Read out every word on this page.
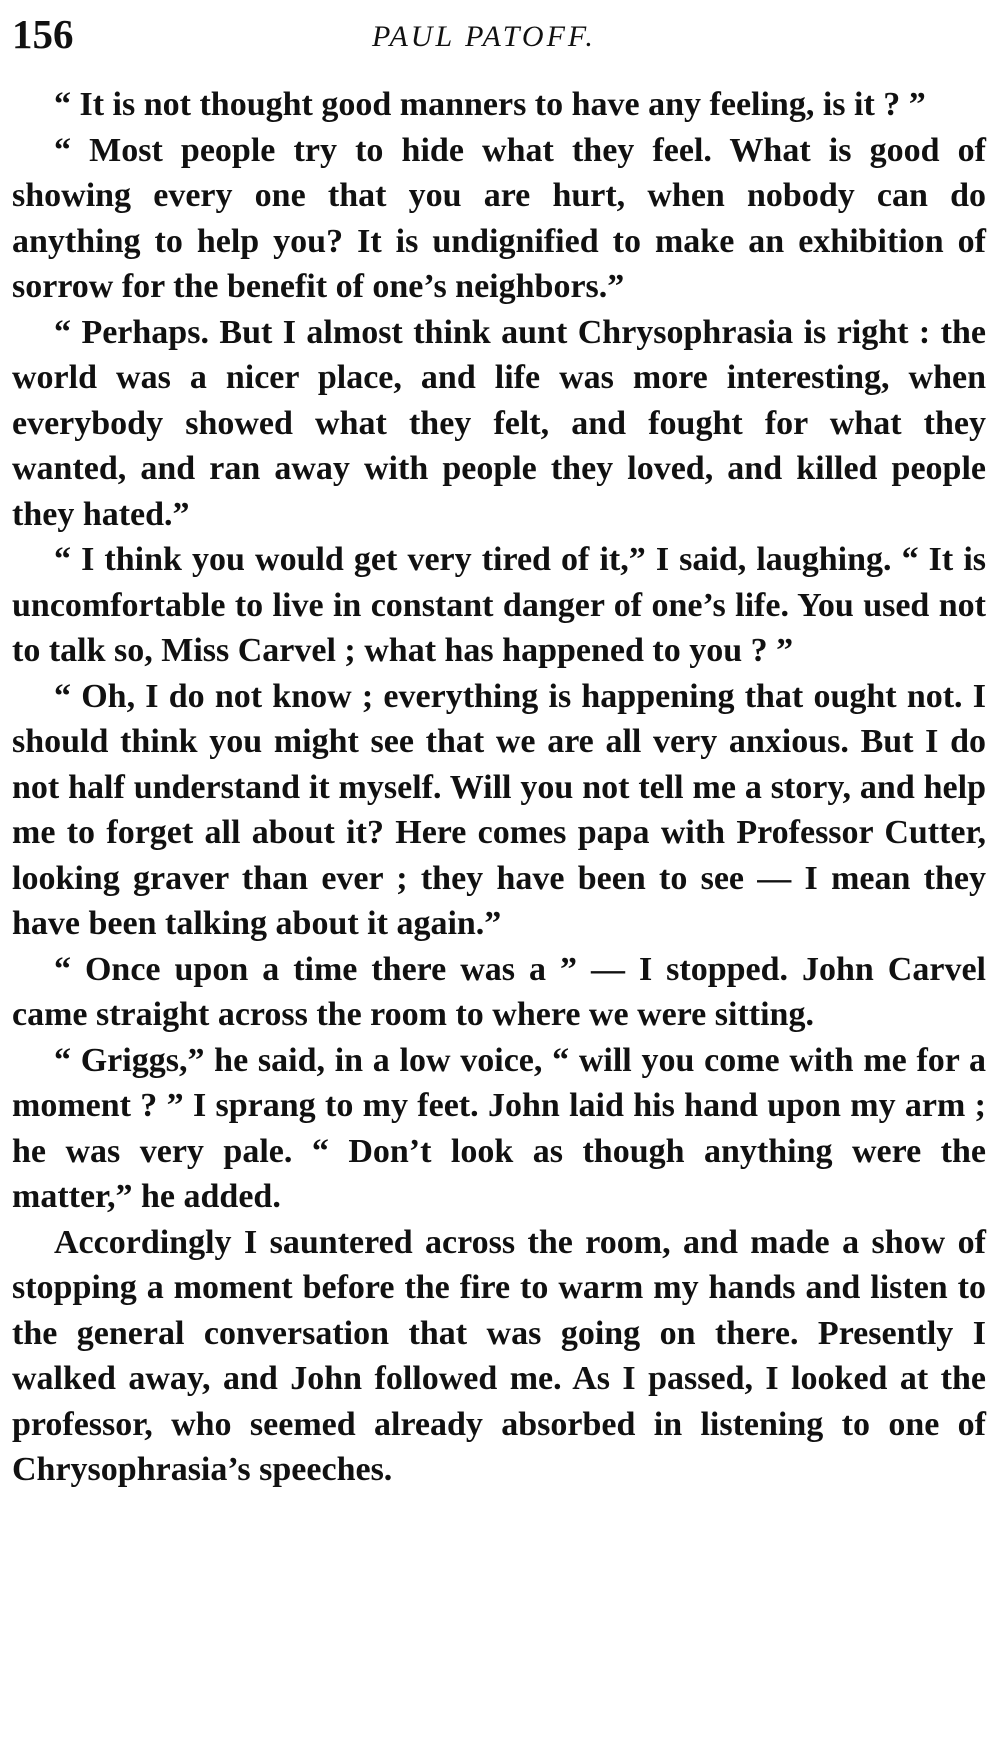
156	PAUL PATOFF.

“ It is not thought good manners to have any feeling, is it ? ”

“ Most people try to hide what they feel. What is good of showing every one that you are hurt, when nobody can do anything to help you? It is undignified to make an exhibition of sorrow for the benefit of one’s neighbors.”

“ Perhaps. But I almost think aunt Chrysophrasia is right : the world was a nicer place, and life was more interesting, when everybody showed what they felt, and fought for what they wanted, and ran away with people they loved, and killed people they hated.”

“ I think you would get very tired of it,” I said, laughing. “ It is uncomfortable to live in constant danger of one’s life. You used not to talk so, Miss Carvel ; what has happened to you ? ”

“ Oh, I do not know ; everything is happening that ought not. I should think you might see that we are all very anxious. But I do not half understand it myself. Will you not tell me a story, and help me to forget all about it? Here comes papa with Professor Cutter, looking graver than ever ; they have been to see — I mean they have been talking about it again.”

“ Once upon a time there was a ” — I stopped. John Carvel came straight across the room to where we were sitting.

“ Griggs,” he said, in a low voice, “ will you come with me for a moment ? ” I sprang to my feet. John laid his hand upon my arm ; he was very pale. “ Don’t look as though anything were the matter,” he added.

Accordingly I sauntered across the room, and made a show of stopping a moment before the fire to warm my hands and listen to the general conversation that was going on there. Presently I walked away, and John followed me. As I passed, I looked at the professor, who seemed already absorbed in listening to one of Chrysophrasia’s speeches.
